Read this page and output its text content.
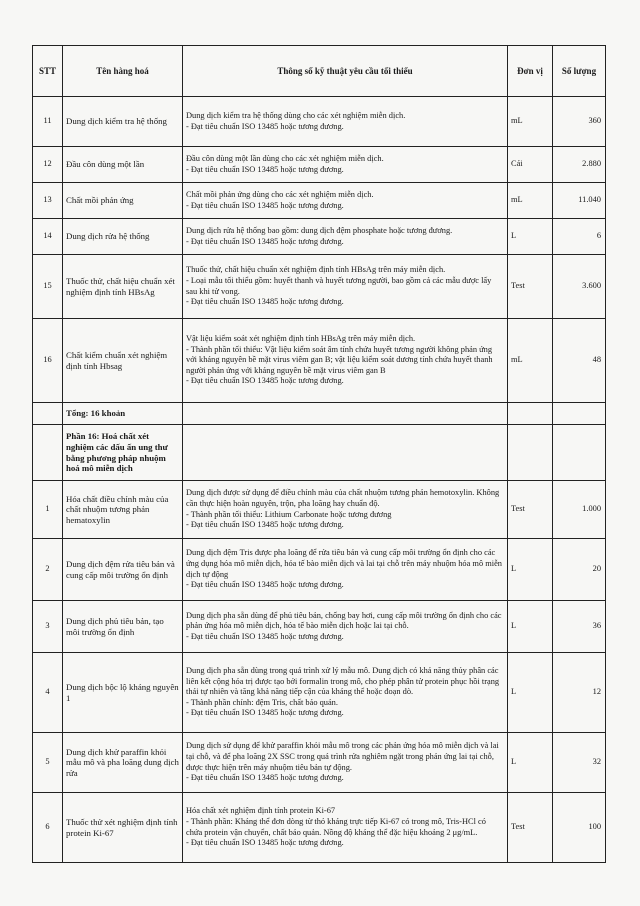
STT	Tên hàng hoá	Thông số kỹ thuật yêu cầu tối thiểu	Đơn vị	Số lượng
11	Dung dịch kiểm tra hệ thống	Dung dịch kiểm tra hệ thống dùng cho các xét nghiệm miễn dịch.
- Đạt tiêu chuẩn ISO 13485 hoặc tương đương.	mL	360
12	Đầu côn dùng một lần	Đầu côn dùng một lần dùng cho các xét nghiệm miễn dịch.
- Đạt tiêu chuẩn ISO 13485 hoặc tương đương.	Cái	2.880
13	Chất mồi phản ứng	Chất mồi phản ứng dùng cho các xét nghiệm miễn dịch.
- Đạt tiêu chuẩn ISO 13485 hoặc tương đương.	mL	11.040
14	Dung dịch rửa hệ thống	Dung dịch rửa hệ thống bao gồm: dung dịch đệm phosphate hoặc tương đương.
- Đạt tiêu chuẩn ISO 13485 hoặc tương đương.	L	6
15	Thuốc thử, chất hiệu chuẩn xét nghiệm định tính HBsAg	Thuốc thử, chất hiệu chuẩn xét nghiệm định tính HBsAg trên máy miễn dịch.
- Loại mẫu tối thiểu gồm: huyết thanh và huyết tương người, bao gồm cả các mẫu được lấy sau khi tử vong.
- Đạt tiêu chuẩn ISO 13485 hoặc tương đương.	Test	3.600
16	Chất kiểm chuẩn xét nghiệm định tính Hbsag	Vật liệu kiểm soát xét nghiệm định tính HBsAg trên máy miễn dịch.
- Thành phần tối thiểu: Vật liệu kiểm soát âm tính chứa huyết tương người không phản ứng với kháng nguyên bề mặt virus viêm gan B; vật liệu kiểm soát dương tính chứa huyết thanh người phản ứng với kháng nguyên bề mặt virus viêm gan B
- Đạt tiêu chuẩn ISO 13485 hoặc tương đương.	mL	48
	Tổng: 16 khoản			
	Phần 16: Hoá chất xét nghiệm các dấu ấn ung thư bằng phương pháp nhuộm hoá mô miễn dịch			
1	Hóa chất điều chỉnh màu của chất nhuộm tương phản hematoxylin	Dung dịch được sử dụng để điều chỉnh màu của chất nhuộm tương phản hemotoxylin. Không cần thực hiện hoàn nguyên, trộn, pha loãng hay chuẩn độ.
- Thành phần tối thiểu: Lithium Carbonate hoặc tương đương
- Đạt tiêu chuẩn ISO 13485 hoặc tương đương.	Test	1.000
2	Dung dịch đệm rửa tiêu bản và cung cấp môi trường ổn định	Dung dịch đệm Tris được pha loãng để rửa tiêu bản và cung cấp môi trường ổn định cho các ứng dụng hóa mô miễn dịch, hóa tế bào miễn dịch và lai tại chỗ trên máy nhuộm hóa mô miễn dịch tự động
- Đạt tiêu chuẩn ISO 13485 hoặc tương đương.	L	20
3	Dung dịch phủ tiêu bản, tạo môi trường ổn định	Dung dịch pha sẵn dùng để phủ tiêu bản, chống bay hơi, cung cấp môi trường ổn định cho các phản ứng hóa mô miễn dịch, hóa tế bào miễn dịch hoặc lai tại chỗ.
- Đạt tiêu chuẩn ISO 13485 hoặc tương đương.	L	36
4	Dung dịch bộc lộ kháng nguyên 1	Dung dịch pha sẵn dùng trong quá trình xử lý mẫu mô. Dung dịch có khả năng thủy phân các liên kết cộng hóa trị được tạo bởi formalin trong mô, cho phép phân tử protein phục hồi trạng thái tự nhiên và tăng khả năng tiếp cận của kháng thể hoặc đoạn dò.
- Thành phần chính: đệm Tris, chất bảo quản.
- Đạt tiêu chuẩn ISO 13485 hoặc tương đương.	L	12
5	Dung dịch khử paraffin khỏi mẫu mô và pha loãng dung dịch rửa	Dung dịch sử dụng để khử paraffin khỏi mẫu mô trong các phản ứng hóa mô miễn dịch và lai tại chỗ, và để pha loãng 2X SSC trong quá trình rửa nghiêm ngặt trong phản ứng lai tại chỗ, được thực hiện trên máy nhuộm tiêu bản tự động.
- Đạt tiêu chuẩn ISO 13485 hoặc tương đương.	L	32
6	Thuốc thử xét nghiệm định tính protein Ki-67	Hóa chất xét nghiệm định tính protein Ki-67
- Thành phần: Kháng thể đơn dòng từ thỏ kháng trực tiếp Ki-67 có trong mô, Tris-HCl có chứa protein vận chuyển, chất bảo quản. Nồng độ kháng thể đặc hiệu khoảng 2 μg/mL.
- Đạt tiêu chuẩn ISO 13485 hoặc tương đương.	Test	100
